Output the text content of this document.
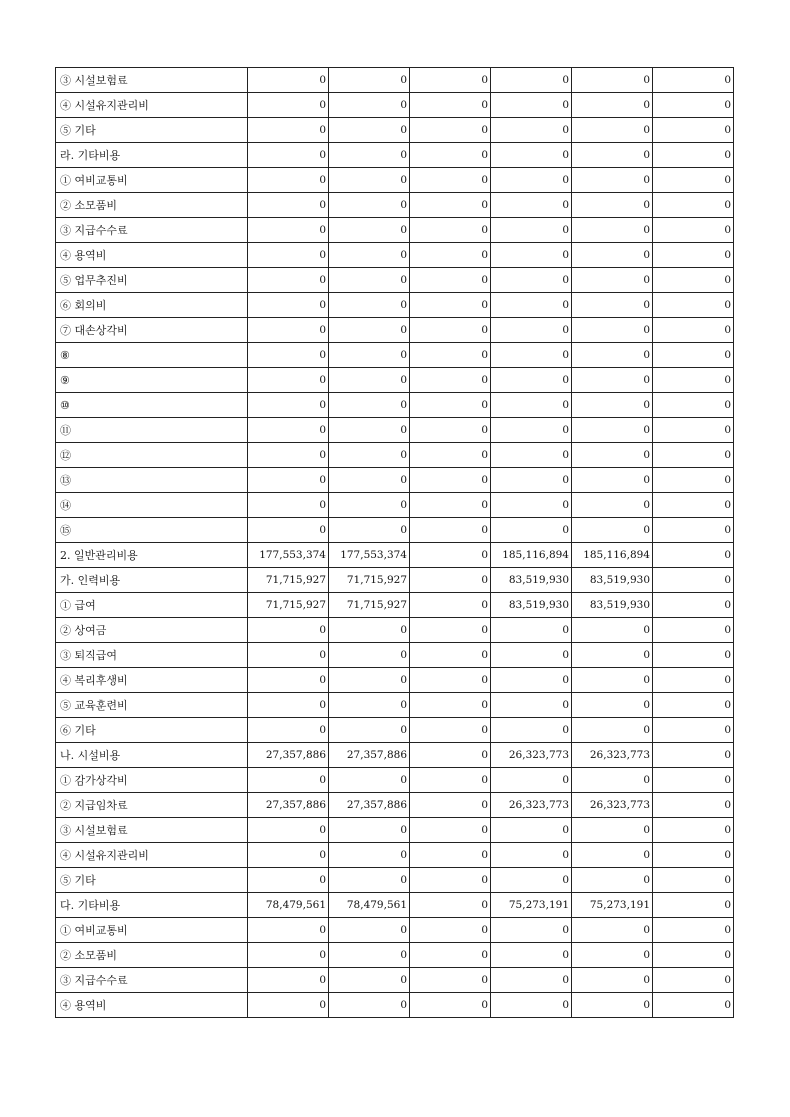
③ 시설보험료	0	0	0	0	0	0
④ 시설유지관리비	0	0	0	0	0	0
⑤ 기타	0	0	0	0	0	0
라. 기타비용	0	0	0	0	0	0
① 여비교통비	0	0	0	0	0	0
② 소모품비	0	0	0	0	0	0
③ 지급수수료	0	0	0	0	0	0
④ 용역비	0	0	0	0	0	0
⑤ 업무추진비	0	0	0	0	0	0
⑥ 회의비	0	0	0	0	0	0
⑦ 대손상각비	0	0	0	0	0	0
⑧	0	0	0	0	0	0
⑨	0	0	0	0	0	0
⑩	0	0	0	0	0	0
⑪	0	0	0	0	0	0
⑫	0	0	0	0	0	0
⑬	0	0	0	0	0	0
⑭	0	0	0	0	0	0
⑮	0	0	0	0	0	0
2. 일반관리비용	177,553,374	177,553,374	0	185,116,894	185,116,894	0
가. 인력비용	71,715,927	71,715,927	0	83,519,930	83,519,930	0
① 급여	71,715,927	71,715,927	0	83,519,930	83,519,930	0
② 상여금	0	0	0	0	0	0
③ 퇴직급여	0	0	0	0	0	0
④ 복리후생비	0	0	0	0	0	0
⑤ 교육훈련비	0	0	0	0	0	0
⑥ 기타	0	0	0	0	0	0
나. 시설비용	27,357,886	27,357,886	0	26,323,773	26,323,773	0
① 감가상각비	0	0	0	0	0	0
② 지급임차료	27,357,886	27,357,886	0	26,323,773	26,323,773	0
③ 시설보험료	0	0	0	0	0	0
④ 시설유지관리비	0	0	0	0	0	0
⑤ 기타	0	0	0	0	0	0
다. 기타비용	78,479,561	78,479,561	0	75,273,191	75,273,191	0
① 여비교통비	0	0	0	0	0	0
② 소모품비	0	0	0	0	0	0
③ 지급수수료	0	0	0	0	0	0
④ 용역비	0	0	0	0	0	0
